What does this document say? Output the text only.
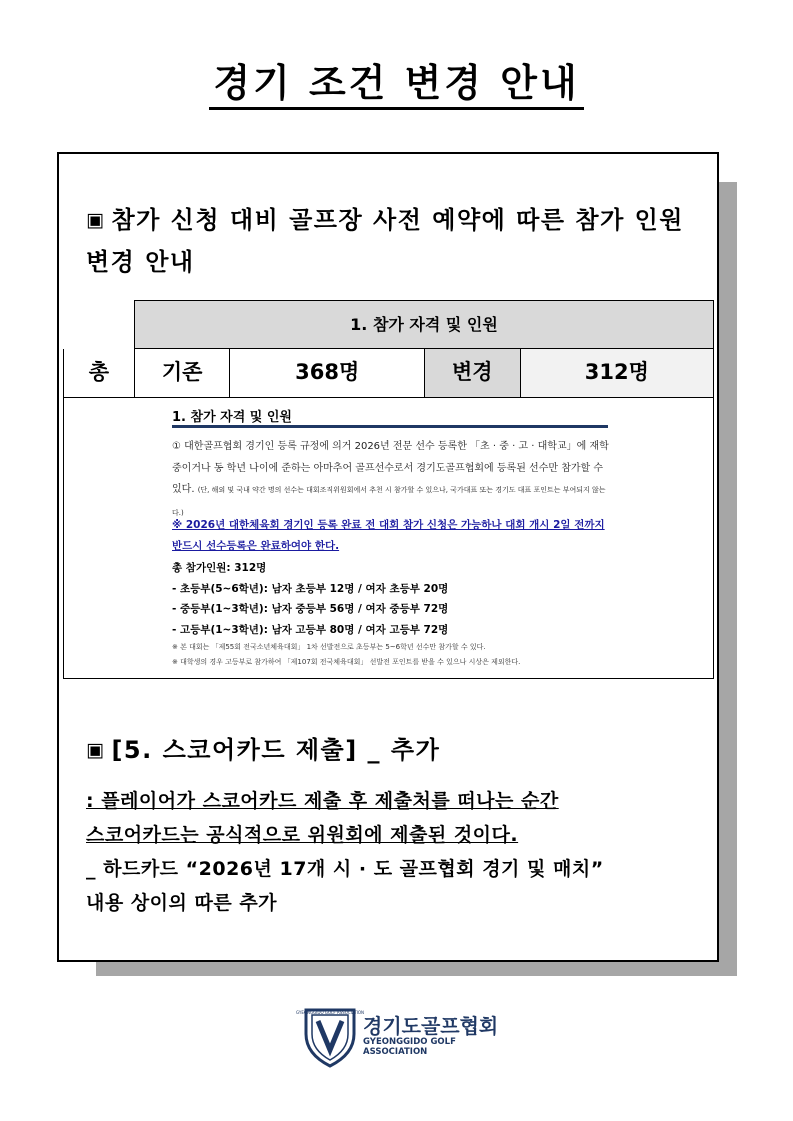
경기 조건 변경 안내
▣ 참가 신청 대비 골프장 사전 예약에 따른 참가 인원 변경 안내
1. 참가 자격 및 인원
총	기존	368명	변경	312명
1. 참가 자격 및 인원
① 대한골프협회 경기인 등록 규정에 의거 2026년 전문 선수 등록한 「초 · 중 · 고 · 대학교」에 재학 중이거나 동 학년 나이에 준하는 아마추어 골프선수로서 경기도골프협회에 등록된 선수만 참가할 수 있다. (단, 해외 및 국내 약간 명의 선수는 대회조직위원회에서 추천 시 참가할 수 있으나, 국가대표 또는 경기도 대표 포인트는 부여되지 않는다.)
※ 2026년 대한체육회 경기인 등록 완료 전 대회 참가 신청은 가능하나 대회 개시 2일 전까지 반드시 선수등록은 완료하여야 한다.
총 참가인원: 312명
- 초등부(5~6학년): 남자 초등부 12명 / 여자 초등부 20명
- 중등부(1~3학년): 남자 중등부 56명 / 여자 중등부 72명
- 고등부(1~3학년): 남자 고등부 80명 / 여자 고등부 72명
※ 본 대회는 「제55회 전국소년체육대회」 1차 선발전으로 초등부는 5~6학년 선수만 참가할 수 있다.
※ 대학생의 경우 고등부로 참가하여 「제107회 전국체육대회」 선발전 포인트를 받을 수 있으나 시상은 제외한다.
▣ [5. 스코어카드 제출] _ 추가
: 플레이어가 스코어카드 제출 후 제출처를 떠나는 순간
스코어카드는 공식적으로 위원회에 제출된 것이다.
_ 하드카드 “2026년 17개 시 · 도 골프협회 경기 및 매치”
내용 상이의 따른 추가
GYEONGGIDO GOLF ASSOCIATION
경기도골프협회
GYEONGGIDO GOLF ASSOCIATION
